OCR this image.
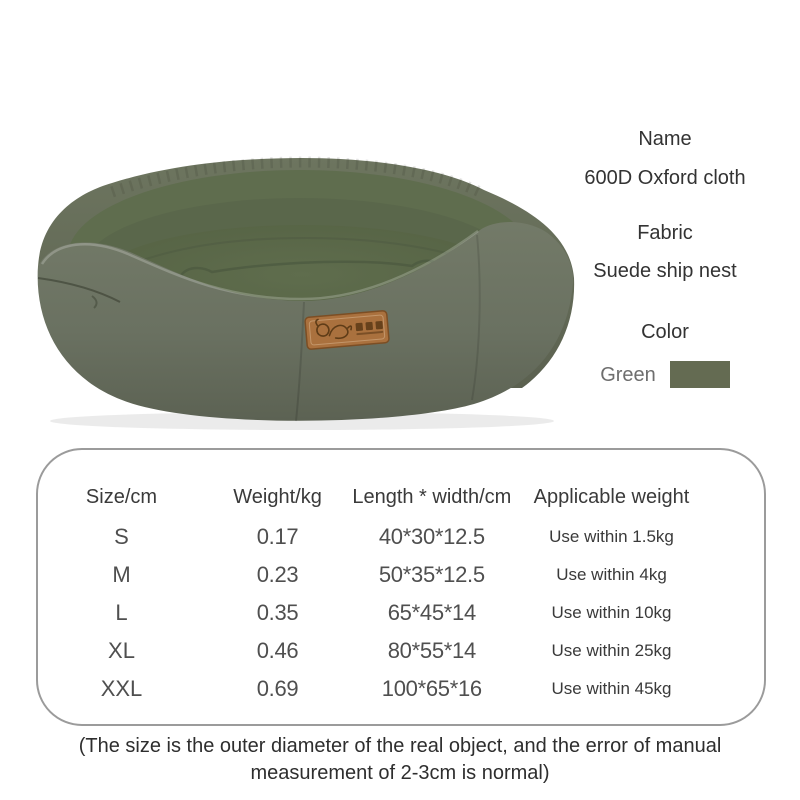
Name
600D Oxford cloth
Fabric
Suede ship nest
Color
Green
Size/cm	Weight/kg	Length * width/cm	Applicable weight
S	0.17	40*30*12.5	Use within 1.5kg
M	0.23	50*35*12.5	Use within 4kg
L	0.35	65*45*14	Use within 10kg
XL	0.46	80*55*14	Use within 25kg
XXL	0.69	100*65*16	Use within 45kg
(The size is the outer diameter of the real object, and the error of manual
measurement of 2-3cm is normal)
